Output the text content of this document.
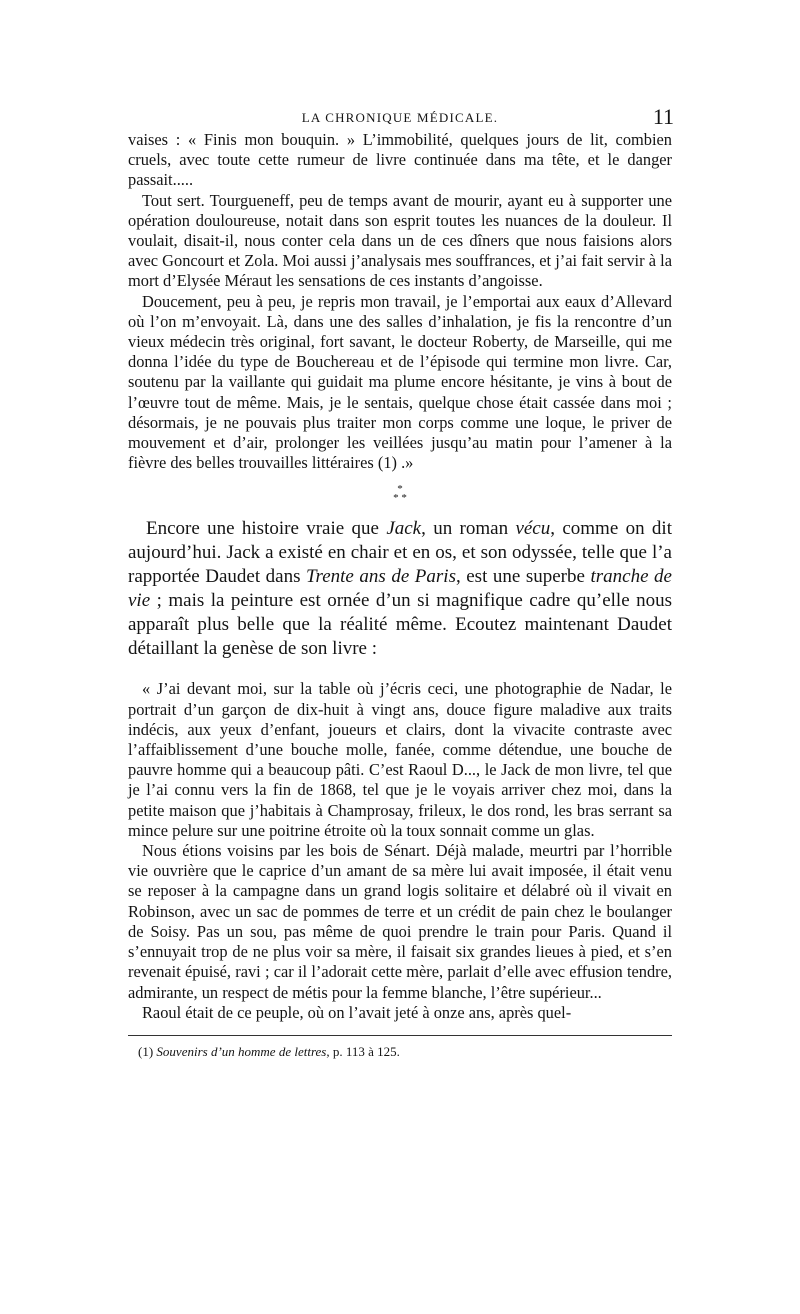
LA CHRONIQUE MÉDICALE.	11

vaises : « Finis mon bouquin. » L’immobilité, quelques jours de lit, combien cruels, avec toute cette rumeur de livre continuée dans ma tête, et le danger passait.....

Tout sert. Tourgueneff, peu de temps avant de mourir, ayant eu à supporter une opération douloureuse, notait dans son esprit toutes les nuances de la douleur. Il voulait, disait-il, nous conter cela dans un de ces dîners que nous faisions alors avec Goncourt et Zola. Moi aussi j’analysais mes souffrances, et j’ai fait servir à la mort d’Elysée Méraut les sensations de ces instants d’angoisse.

Doucement, peu à peu, je repris mon travail, je l’emportai aux eaux d’Allevard où l’on m’envoyait. Là, dans une des salles d’inhalation, je fis la rencontre d’un vieux médecin très original, fort savant, le docteur Roberty, de Marseille, qui me donna l’idée du type de Bouchereau et de l’épisode qui termine mon livre. Car, soutenu par la vaillante qui guidait ma plume encore hésitante, je vins à bout de l’œuvre tout de même. Mais, je le sentais, quelque chose était cassée dans moi ; désormais, je ne pouvais plus traiter mon corps comme une loque, le priver de mouvement et d’air, prolonger les veillées jusqu’au matin pour l’amener à la fièvre des belles trouvailles littéraires (1) .»

*
* *

Encore une histoire vraie que Jack, un roman vécu, comme on dit aujourd’hui. Jack a existé en chair et en os, et son odyssée, telle que l’a rapportée Daudet dans Trente ans de Paris, est une superbe tranche de vie ; mais la peinture est ornée d’un si magnifique cadre qu’elle nous apparaît plus belle que la réalité même. Ecoutez maintenant Daudet détaillant la genèse de son livre :

« J’ai devant moi, sur la table où j’écris ceci, une photographie de Nadar, le portrait d’un garçon de dix-huit à vingt ans, douce figure maladive aux traits indécis, aux yeux d’enfant, joueurs et clairs, dont la vivacite contraste avec l’affaiblissement d’une bouche molle, fanée, comme détendue, une bouche de pauvre homme qui a beaucoup pâti. C’est Raoul D..., le Jack de mon livre, tel que je l’ai connu vers la fin de 1868, tel que je le voyais arriver chez moi, dans la petite maison que j’habitais à Champrosay, frileux, le dos rond, les bras serrant sa mince pelure sur une poitrine étroite où la toux sonnait comme un glas.

Nous étions voisins par les bois de Sénart. Déjà malade, meurtri par l’horrible vie ouvrière que le caprice d’un amant de sa mère lui avait imposée, il était venu se reposer à la campagne dans un grand logis solitaire et délabré où il vivait en Robinson, avec un sac de pommes de terre et un crédit de pain chez le boulanger de Soisy. Pas un sou, pas même de quoi prendre le train pour Paris. Quand il s’ennuyait trop de ne plus voir sa mère, il faisait six grandes lieues à pied, et s’en revenait épuisé, ravi ; car il l’adorait cette mère, parlait d’elle avec effusion tendre, admirante, un respect de métis pour la femme blanche, l’être supérieur...

Raoul était de ce peuple, où on l’avait jeté à onze ans, après quel-

(1) Souvenirs d’un homme de lettres, p. 113 à 125.
